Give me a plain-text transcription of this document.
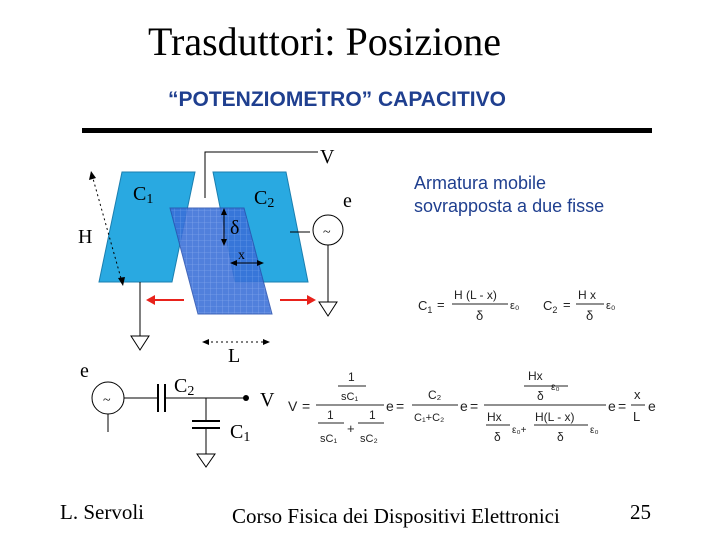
Trasduttori: Posizione
“POTENZIOMETRO” CAPACITIVO
Armatura mobile
sovrapposta a due fisse
C1	C2
δ
x
H
L
~
e
V
e
~
C2	V
C1
$C_1$ =
H (L - x)
δ
ε₀ $C_2$ =
H x
δ
ε₀
V =
1
sC₁
1
sC₁
+
1
sC₂
e =
C₂
C₁+C₂
e =
Hx
ε₀
δ
Hx
δ ε₀+
H(L - x)
δ	ε₀
e =
x
L
e
L. Servoli	Corso Fisica dei Dispositivi Elettronici	25
